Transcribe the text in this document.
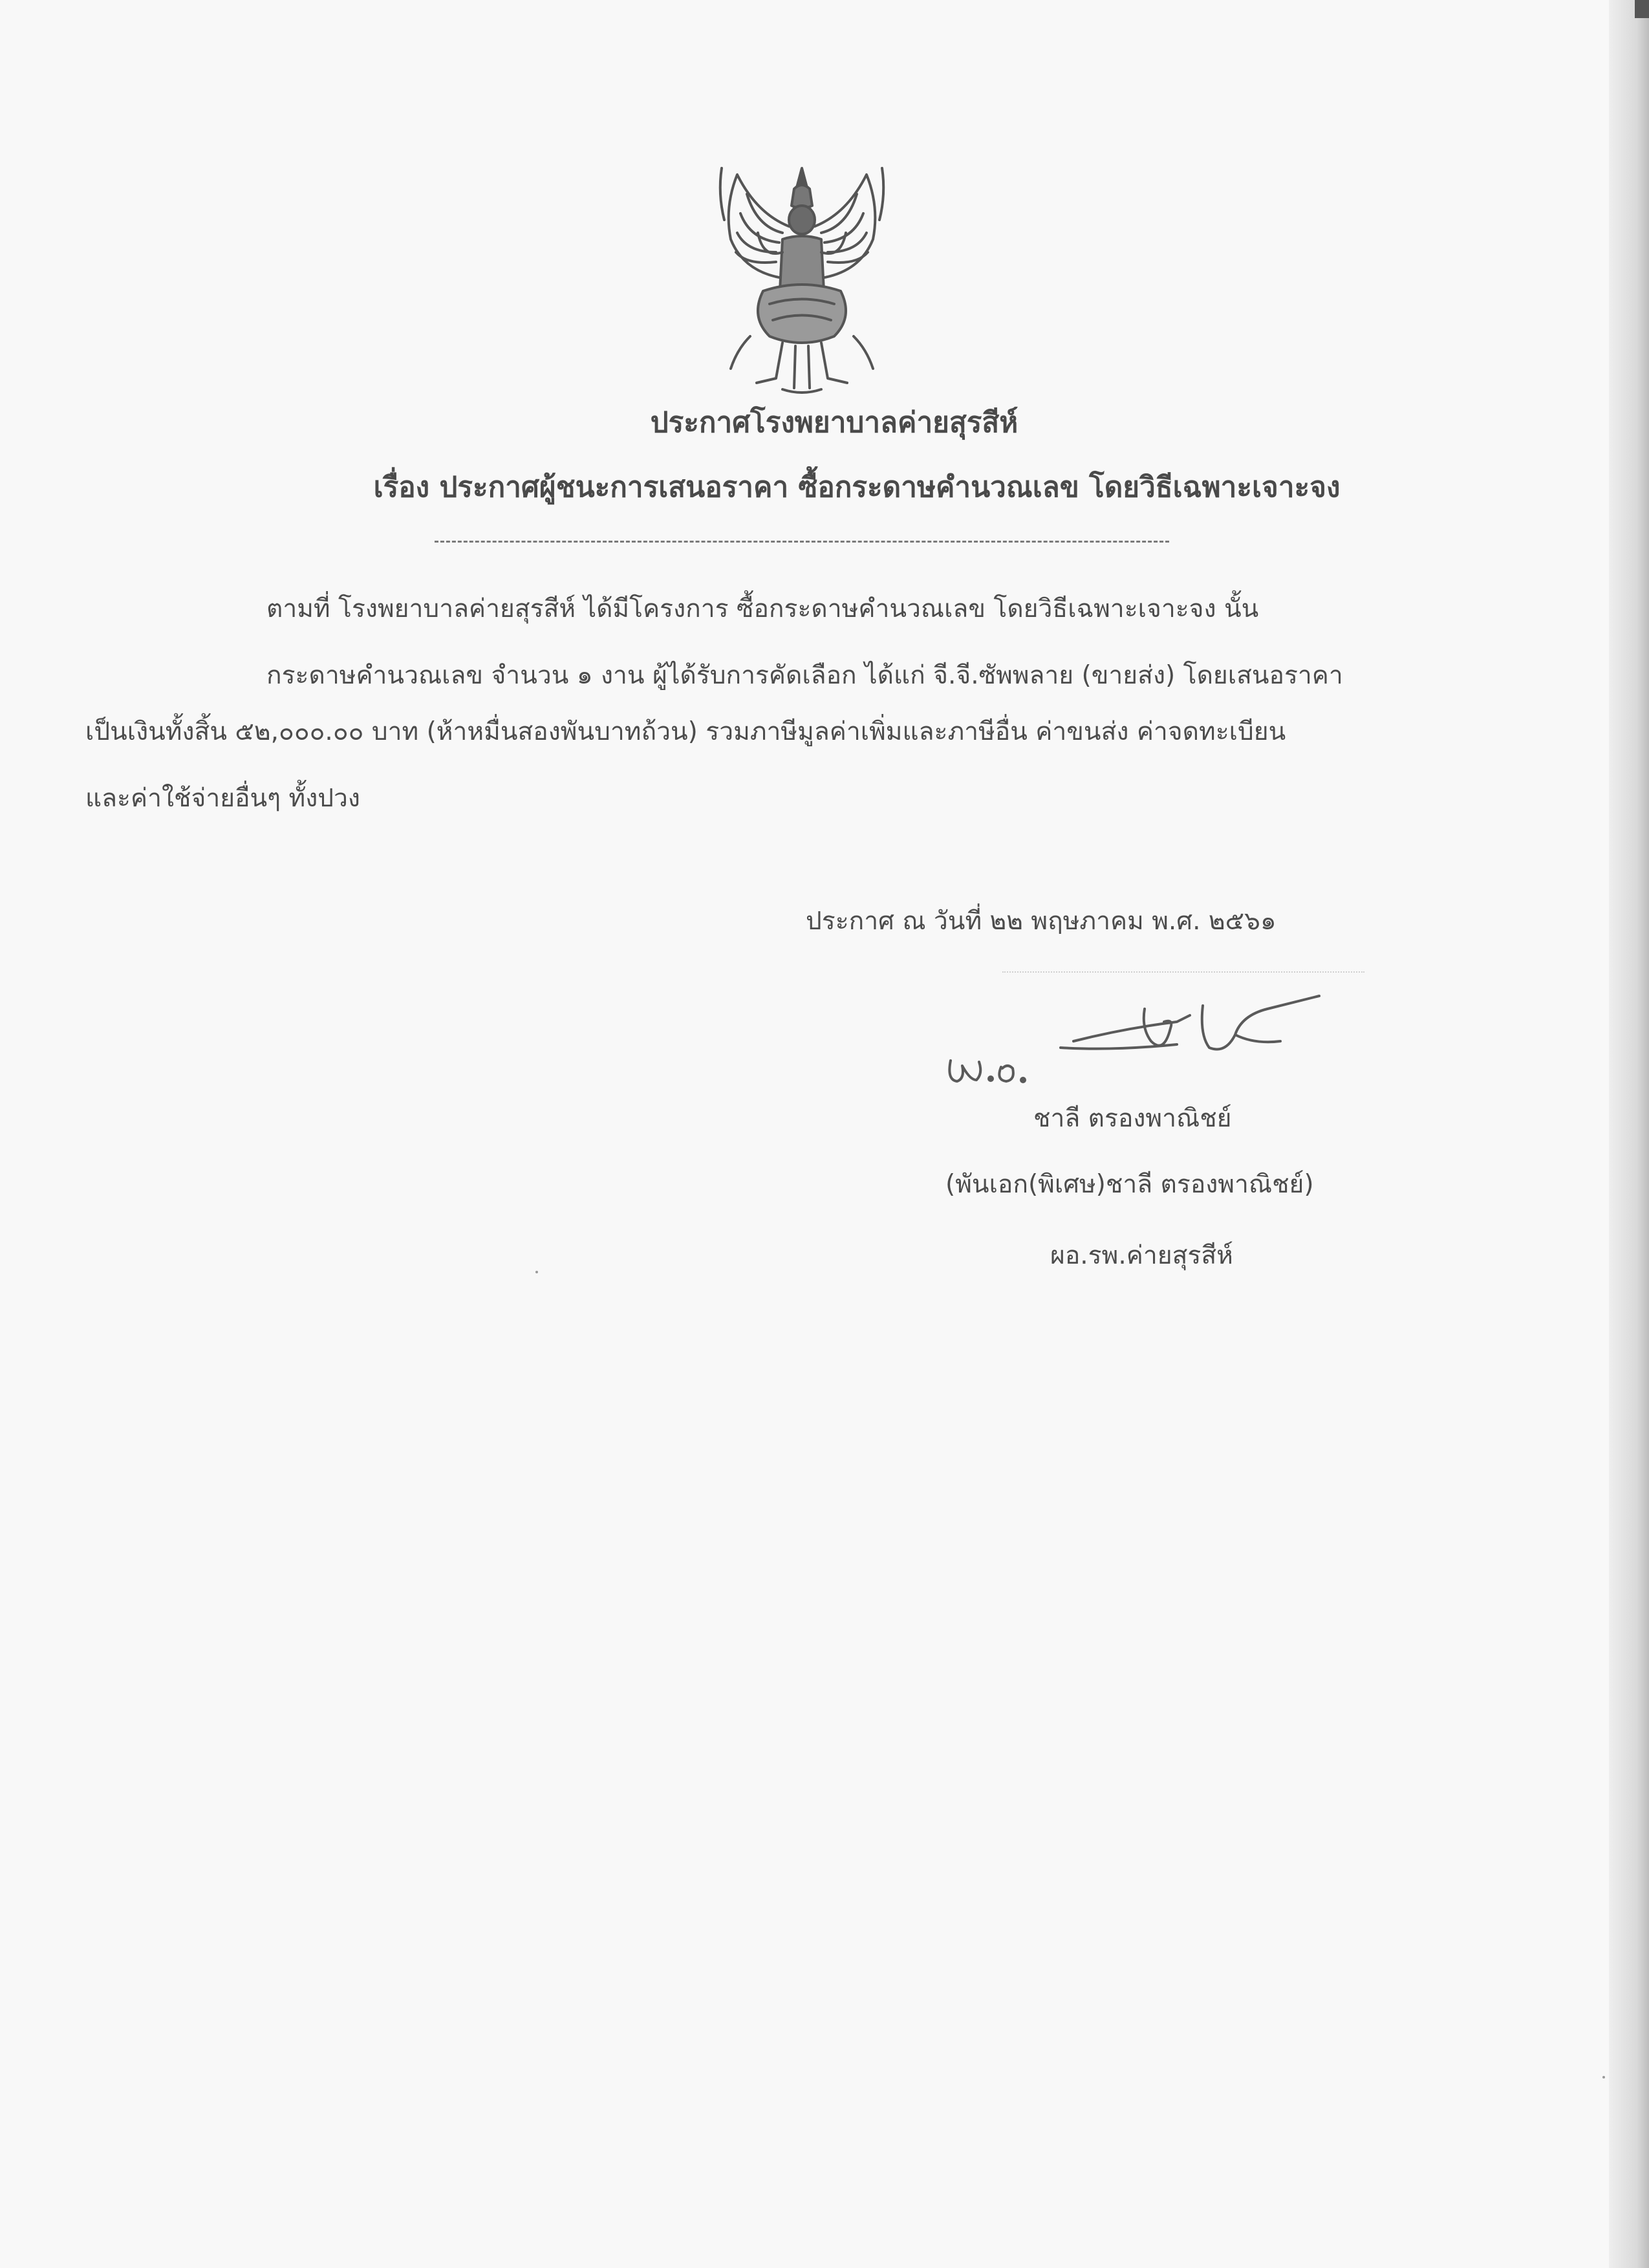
ประกาศโรงพยาบาลค่ายสุรสีห์
เรื่อง ประกาศผู้ชนะการเสนอราคา ซื้อกระดาษคำนวณเลข โดยวิธีเฉพาะเจาะจง
ตามที่ โรงพยาบาลค่ายสุรสีห์ ได้มีโครงการ ซื้อกระดาษคำนวณเลข โดยวิธีเฉพาะเจาะจง นั้น
กระดาษคำนวณเลข จำนวน ๑ งาน ผู้ได้รับการคัดเลือก ได้แก่ จี.จี.ซัพพลาย (ขายส่ง) โดยเสนอราคา
เป็นเงินทั้งสิ้น ๕๒,๐๐๐.๐๐ บาท (ห้าหมื่นสองพันบาทถ้วน) รวมภาษีมูลค่าเพิ่มและภาษีอื่น ค่าขนส่ง ค่าจดทะเบียน
และค่าใช้จ่ายอื่นๆ ทั้งปวง
ประกาศ ณ วันที่ ๒๒ พฤษภาคม พ.ศ. ๒๕๖๑
ชาลี ตรองพาณิชย์
(พันเอก(พิเศษ)ชาลี ตรองพาณิชย์)
ผอ.รพ.ค่ายสุรสีห์
